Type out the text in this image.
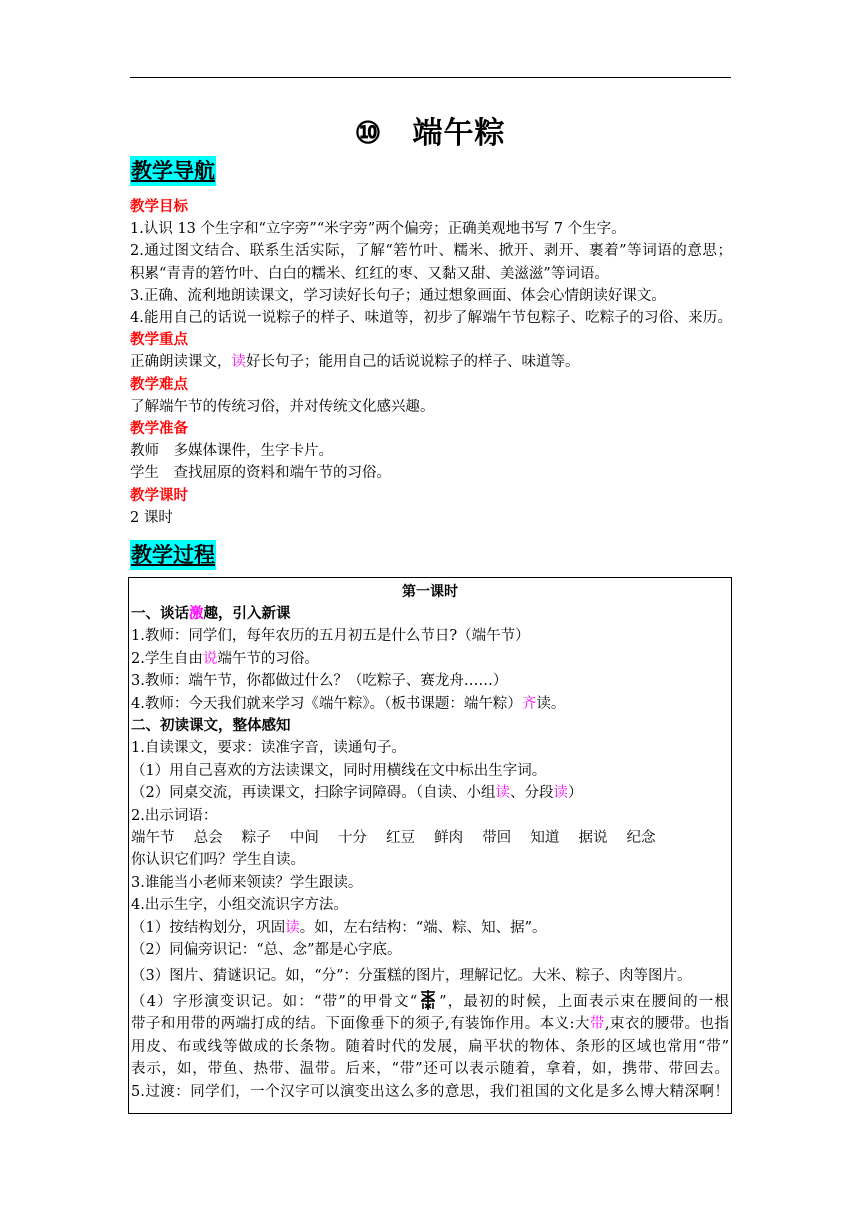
⑩ 端午粽
教学导航
教学目标
1.认识 13 个生字和“立字旁”“米字旁”两个偏旁；正确美观地书写 7 个生字。
2.通过图文结合、联系生活实际，了解“箬竹叶、糯米、掀开、剥开、裹着”等词语的意思；
积累“青青的箬竹叶、白白的糯米、红红的枣、又黏又甜、美滋滋”等词语。
3.正确、流利地朗读课文，学习读好长句子；通过想象画面、体会心情朗读好课文。
4.能用自己的话说一说粽子的样子、味道等，初步了解端午节包粽子、吃粽子的习俗、来历。
教学重点
正确朗读课文，读好长句子；能用自己的话说说粽子的样子、味道等。
教学难点
了解端午节的传统习俗，并对传统文化感兴趣。
教学准备
教师　多媒体课件，生字卡片。
学生　查找屈原的资料和端午节的习俗。
教学课时
2 课时
教学过程
第一课时
一、谈话激趣，引入新课
1.教师：同学们，每年农历的五月初五是什么节日?（端午节）
2.学生自由说端午节的习俗。
3.教师：端午节，你都做过什么？（吃粽子、赛龙舟……）
4.教师：今天我们就来学习《端午粽》。（板书课题：端午粽）齐读。
二、初读课文，整体感知
1.自读课文，要求：读准字音，读通句子。
（1）用自己喜欢的方法读课文，同时用横线在文中标出生字词。
（2）同桌交流，再读课文，扫除字词障碍。（自读、小组读、分段读）
2.出示词语：
端午节　 总会　 粽子　 中间　 十分　 红豆　 鲜肉　 带回　 知道　 据说　 纪念
你认识它们吗？学生自读。
3.谁能当小老师来领读？学生跟读。
4.出示生字，小组交流识字方法。
（1）按结构划分，巩固读。如，左右结构：“端、粽、知、据”。
（2）同偏旁识记：“总、念”都是心字底。
（3）图片、猜谜识记。如，“分”：分蛋糕的图片，理解记忆。大米、粽子、肉等图片。
（4）字形演变识记。如：“带”的甲骨文“ ”，最初的时候，上面表示束在腰间的一根
带子和用带的两端打成的结。下面像垂下的须子,有装饰作用。本义:大带,束衣的腰带。也指
用皮、布或线等做成的长条物。随着时代的发展，扁平状的物体、条形的区域也常用“带”
表示，如，带鱼、热带、温带。后来，“带”还可以表示随着，拿着，如，携带、带回去。
5.过渡：同学们，一个汉字可以演变出这么多的意思，我们祖国的文化是多么博大精深啊！
